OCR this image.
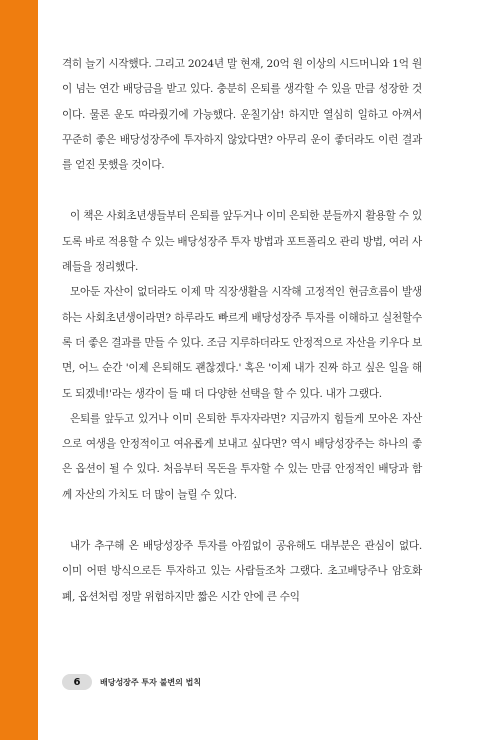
격히 늘기 시작했다. 그리고 2024년 말 현재, 20억 원 이상의 시드머니와 1억 원이 넘는 연간 배당금을 받고 있다. 충분히 은퇴를 생각할 수 있을 만큼 성장한 것이다. 물론 운도 따라줬기에 가능했다. 운칠기삼! 하지만 열심히 일하고 아껴서 꾸준히 좋은 배당성장주에 투자하지 않았다면? 아무리 운이 좋더라도 이런 결과를 얻진 못했을 것이다.

이 책은 사회초년생들부터 은퇴를 앞두거나 이미 은퇴한 분들까지 활용할 수 있도록 바로 적용할 수 있는 배당성장주 투자 방법과 포트폴리오 관리 방법, 여러 사례들을 정리했다.

모아둔 자산이 없더라도 이제 막 직장생활을 시작해 고정적인 현금흐름이 발생하는 사회초년생이라면? 하루라도 빠르게 배당성장주 투자를 이해하고 실천할수록 더 좋은 결과를 만들 수 있다. 조금 지루하더라도 안정적으로 자산을 키우다 보면, 어느 순간 '이제 은퇴해도 괜찮겠다.' 혹은 '이제 내가 진짜 하고 싶은 일을 해도 되겠네!'라는 생각이 들 때 더 다양한 선택을 할 수 있다. 내가 그랬다.

은퇴를 앞두고 있거나 이미 은퇴한 투자자라면? 지금까지 힘들게 모아온 자산으로 여생을 안정적이고 여유롭게 보내고 싶다면? 역시 배당성장주는 하나의 좋은 옵션이 될 수 있다. 처음부터 목돈을 투자할 수 있는 만큼 안정적인 배당과 함께 자산의 가치도 더 많이 늘릴 수 있다.

내가 추구해 온 배당성장주 투자를 아낌없이 공유해도 대부분은 관심이 없다. 이미 어떤 방식으로든 투자하고 있는 사람들조차 그랬다. 초고배당주나 암호화폐, 옵션처럼 정말 위험하지만 짧은 시간 안에 큰 수익

6	배당성장주 투자 불변의 법칙
